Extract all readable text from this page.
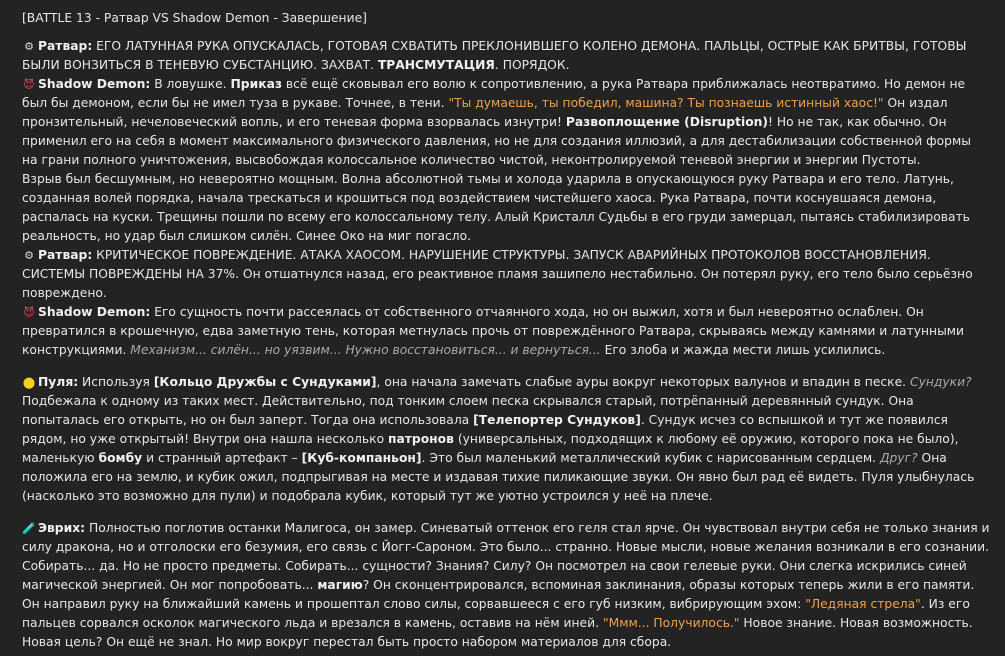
[BATTLE 13 - Ратвар VS Shadow Demon - Завершение]

⚙ Ратвар: ЕГО ЛАТУННАЯ РУКА ОПУСКАЛАСЬ, ГОТОВАЯ СХВАТИТЬ ПРЕКЛОНИВШЕГО КОЛЕНО ДЕМОНА. ПАЛЬЦЫ, ОСТРЫЕ КАК БРИТВЫ, ГОТОВЫ БЫЛИ ВОНЗИТЬСЯ В ТЕНЕВУЮ СУБСТАНЦИЮ. ЗАХВАТ. ТРАНСМУТАЦИЯ. ПОРЯДОК.

😈 Shadow Demon: В ловушке. Приказ всё ещё сковывал его волю к сопротивлению, а рука Ратвара приближалась неотвратимо. Но демон не был бы демоном, если бы не имел туза в рукаве. Точнее, в тени. "Ты думаешь, ты победил, машина? Ты познаешь истинный хаос!" Он издал пронзительный, нечеловеческий вопль, и его теневая форма взорвалась изнутри! Развоплощение (Disruption)! Но не так, как обычно. Он применил его на себя в момент максимального физического давления, но не для создания иллюзий, а для дестабилизации собственной формы на грани полного уничтожения, высвобождая колоссальное количество чистой, неконтролируемой теневой энергии и энергии Пустоты.

Взрыв был бесшумным, но невероятно мощным. Волна абсолютной тьмы и холода ударила в опускающуюся руку Ратвара и его тело. Латунь, созданная волей порядка, начала трескаться и крошиться под воздействием чистейшего хаоса. Рука Ратвара, почти коснувшаяся демона, распалась на куски. Трещины пошли по всему его колоссальному телу. Алый Кристалл Судьбы в его груди замерцал, пытаясь стабилизировать реальность, но удар был слишком силён. Синее Око на миг погасло.

⚙ Ратвар: КРИТИЧЕСКОЕ ПОВРЕЖДЕНИЕ. АТАКА ХАОСОМ. НАРУШЕНИЕ СТРУКТУРЫ. ЗАПУСК АВАРИЙНЫХ ПРОТОКОЛОВ ВОССТАНОВЛЕНИЯ. СИСТЕМЫ ПОВРЕЖДЕНЫ НА 37%. Он отшатнулся назад, его реактивное пламя зашипело нестабильно. Он потерял руку, его тело было серьёзно повреждено.

😈 Shadow Demon: Его сущность почти рассеялась от собственного отчаянного хода, но он выжил, хотя и был невероятно ослаблен. Он превратился в крошечную, едва заметную тень, которая метнулась прочь от повреждённого Ратвара, скрываясь между камнями и латунными конструкциями. Механизм... силён... но уязвим... Нужно восстановиться... и вернуться... Его злоба и жажда мести лишь усилились.

⬤ Пуля: Используя [Кольцо Дружбы с Сундуками], она начала замечать слабые ауры вокруг некоторых валунов и впадин в песке. Сундуки? Подбежала к одному из таких мест. Действительно, под тонким слоем песка скрывался старый, потрёпанный деревянный сундук. Она попыталась его открыть, но он был заперт. Тогда она использовала [Телепортер Сундуков]. Сундук исчез со вспышкой и тут же появился рядом, но уже открытый! Внутри она нашла несколько патронов (универсальных, подходящих к любому её оружию, которого пока не было), маленькую бомбу и странный артефакт – [Куб-компаньон]. Это был маленький металлический кубик с нарисованным сердцем. Друг? Она положила его на землю, и кубик ожил, подпрыгивая на месте и издавая тихие пиликающие звуки. Он явно был рад её видеть. Пуля улыбнулась (насколько это возможно для пули) и подобрала кубик, который тут же уютно устроился у неё на плече.

🧪 Эврих: Полностью поглотив останки Малигоса, он замер. Синеватый оттенок его геля стал ярче. Он чувствовал внутри себя не только знания и силу дракона, но и отголоски его безумия, его связь с Йогг-Сароном. Это было... странно. Новые мысли, новые желания возникали в его сознании. Собирать... да. Но не просто предметы. Собирать... сущности? Знания? Силу? Он посмотрел на свои гелевые руки. Они слегка искрились синей магической энергией. Он мог попробовать... магию? Он сконцентрировался, вспоминая заклинания, образы которых теперь жили в его памяти. Он направил руку на ближайший камень и прошептал слово силы, сорвавшееся с его губ низким, вибрирующим эхом: "Ледяная стрела". Из его пальцев сорвался осколок магического льда и врезался в камень, оставив на нём иней. "Ммм... Получилось." Новое знание. Новая возможность. Новая цель? Он ещё не знал. Но мир вокруг перестал быть просто набором материалов для сбора.
